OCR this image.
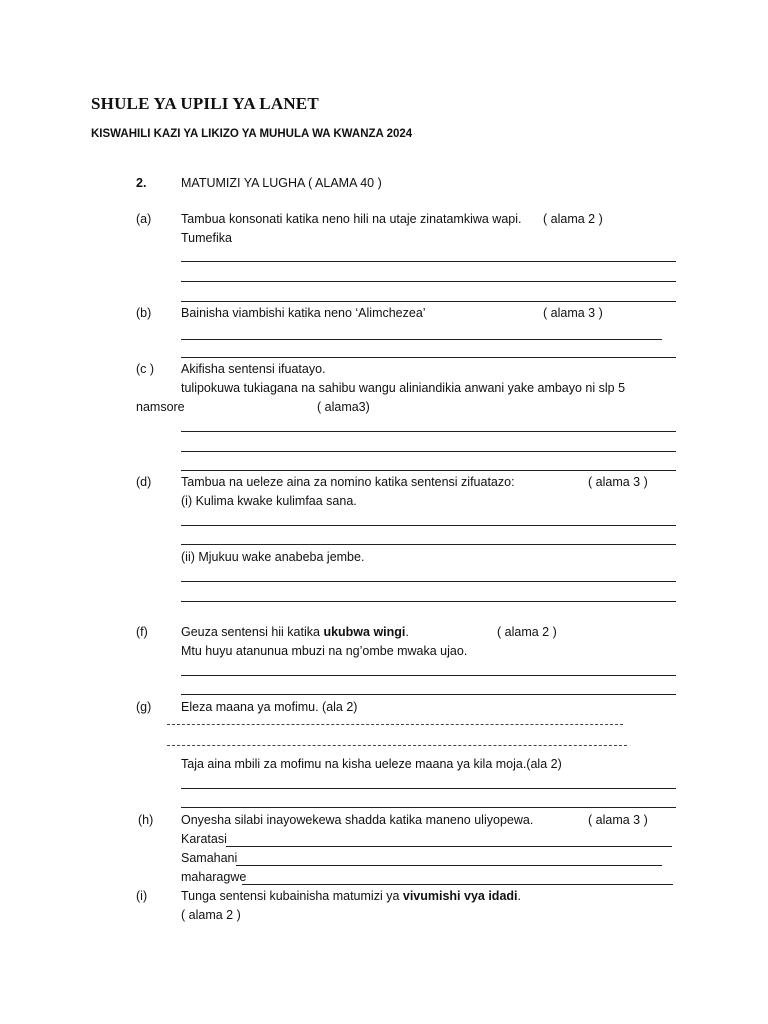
SHULE YA UPILI YA LANET
KISWAHILI KAZI YA LIKIZO YA MUHULA WA KWANZA 2024
2.	MATUMIZI YA LUGHA ( ALAMA 40 )
(a) Tambua konsonati katika neno hili na utaje zinatamkiwa wapi. ( alama 2 )
Tumefika
(b) Bainisha viambishi katika neno ‘Alimchezea’	( alama 3 )
(c ) Akifisha sentensi ifuatayo.
tulipokuwa tukiagana na sahibu wangu aliniandikia anwani yake ambayo ni slp 5
namsore	( alama3)
(d) Tambua na ueleze aina za nomino katika sentensi zifuatazo:	( alama 3 )
(i) Kulima kwake kulimfaa sana.
(ii) Mjukuu wake anabeba jembe.
(f)	Geuza sentensi hii katika ukubwa wingi.	( alama 2 )
Mtu huyu atanunua mbuzi na ng’ombe mwaka ujao.
(g) Eleza maana ya mofimu. (ala 2)
Taja aina mbili za mofimu na kisha ueleze maana ya kila moja.(ala 2)
(h) Onyesha silabi inayowekewa shadda katika maneno uliyopewa.	( alama 3 )
Karatasi
Samahani
maharagwe
(i)	Tunga sentensi kubainisha matumizi ya vivumishi vya idadi.
( alama 2 )
